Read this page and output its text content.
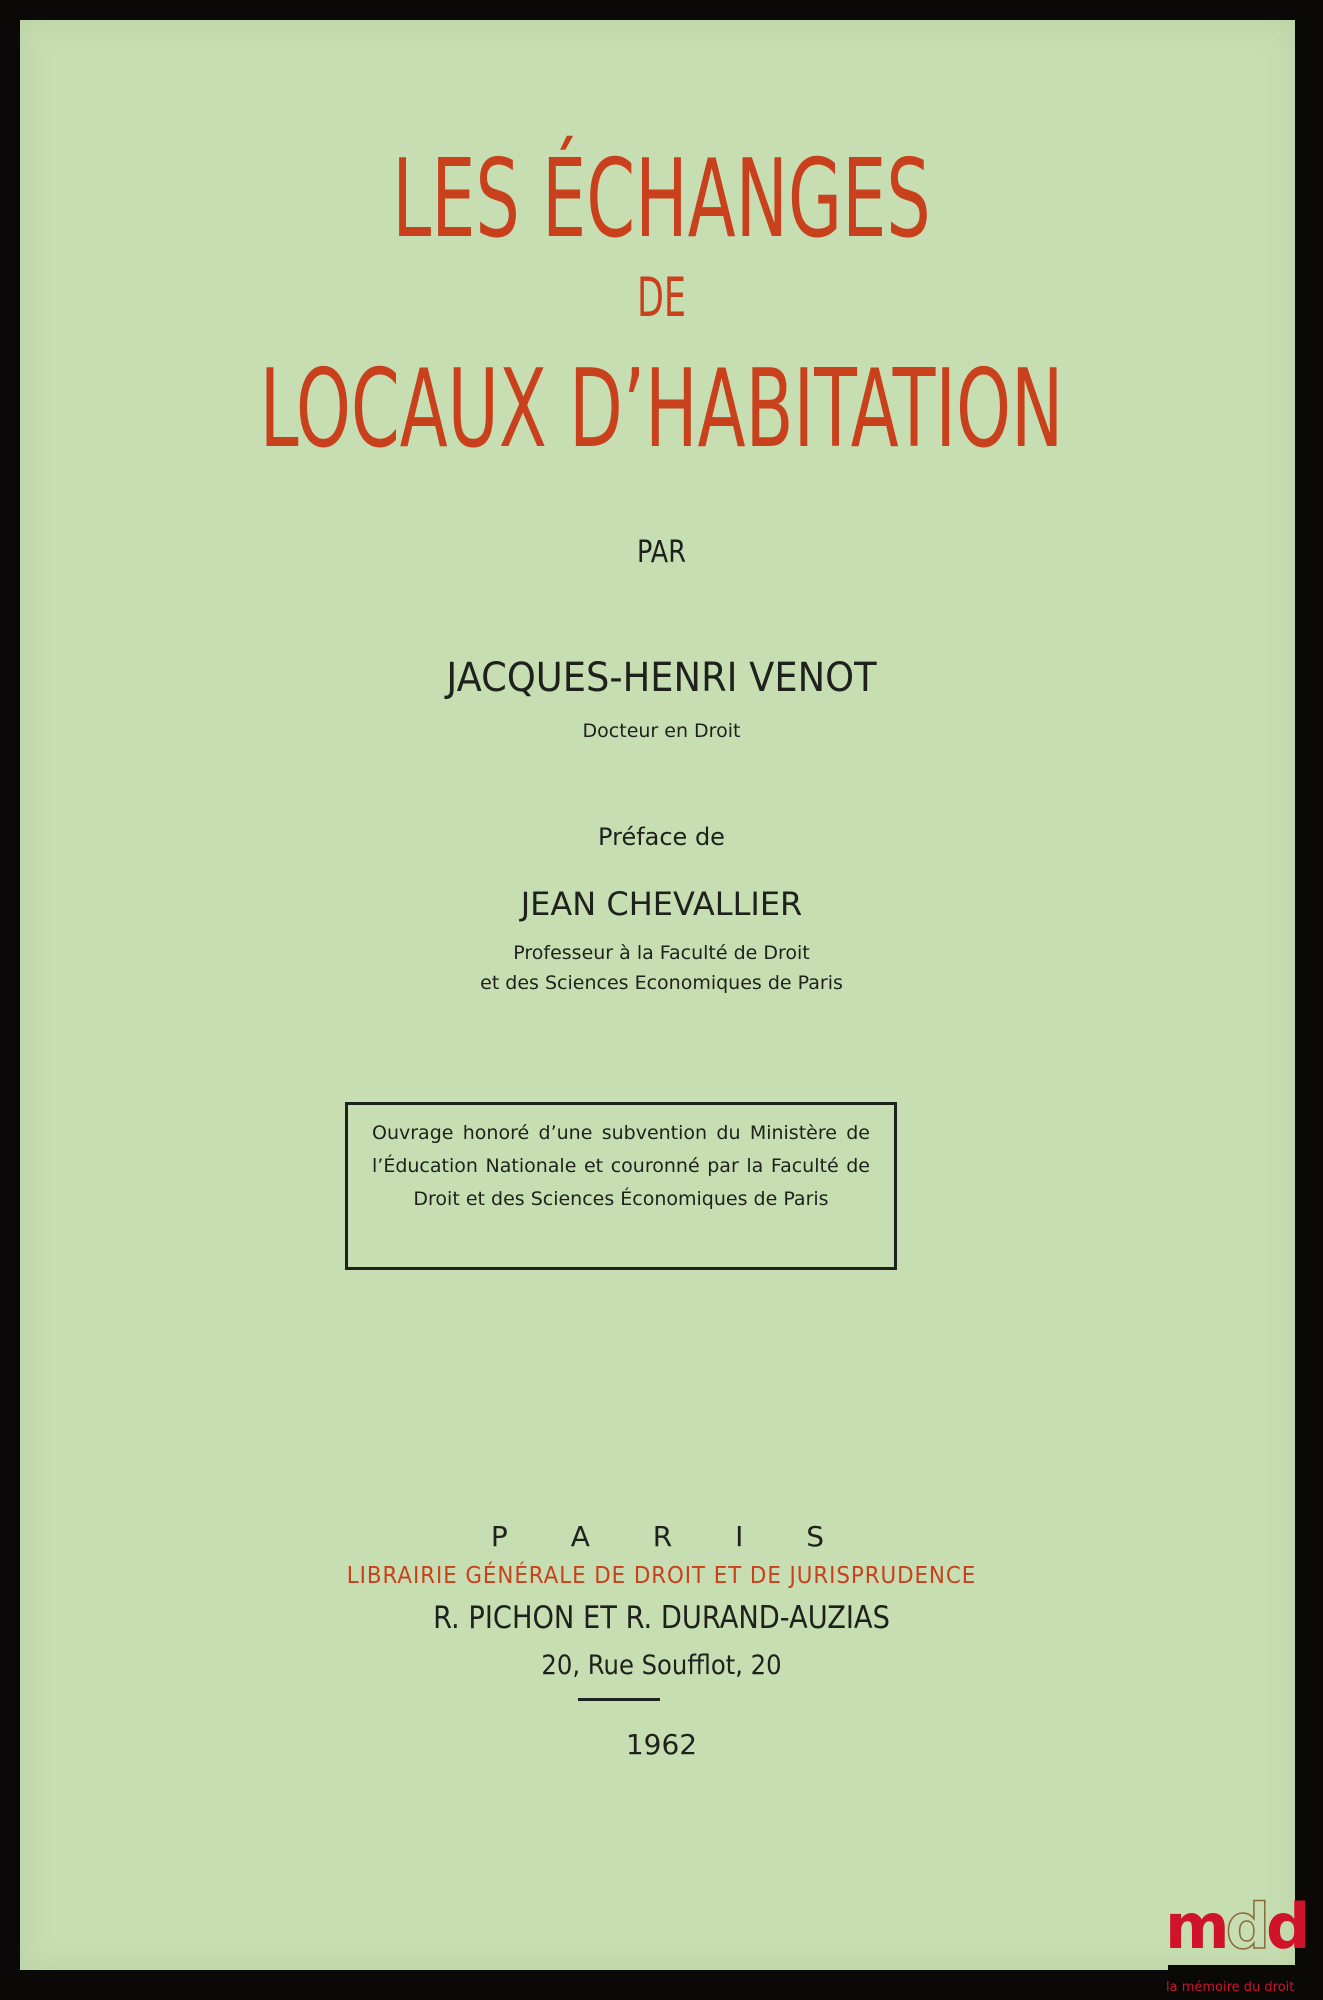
LES ÉCHANGES
DE
LOCAUX D’HABITATION
PAR
JACQUES-HENRI VENOT
Docteur en Droit
Préface de
JEAN CHEVALLIER
Professeur à la Faculté de Droit
et des Sciences Economiques de Paris

Ouvrage honoré d’une subvention du Ministère de l’Éducation Nationale et couronné par la Faculté de Droit et des Sciences Économiques de Paris

P A R I S
LIBRAIRIE GÉNÉRALE DE DROIT ET DE JURISPRUDENCE
R. PICHON ET R. DURAND-AUZIAS
20, Rue Soufflot, 20
1962
mdd
la mémoire du droit
